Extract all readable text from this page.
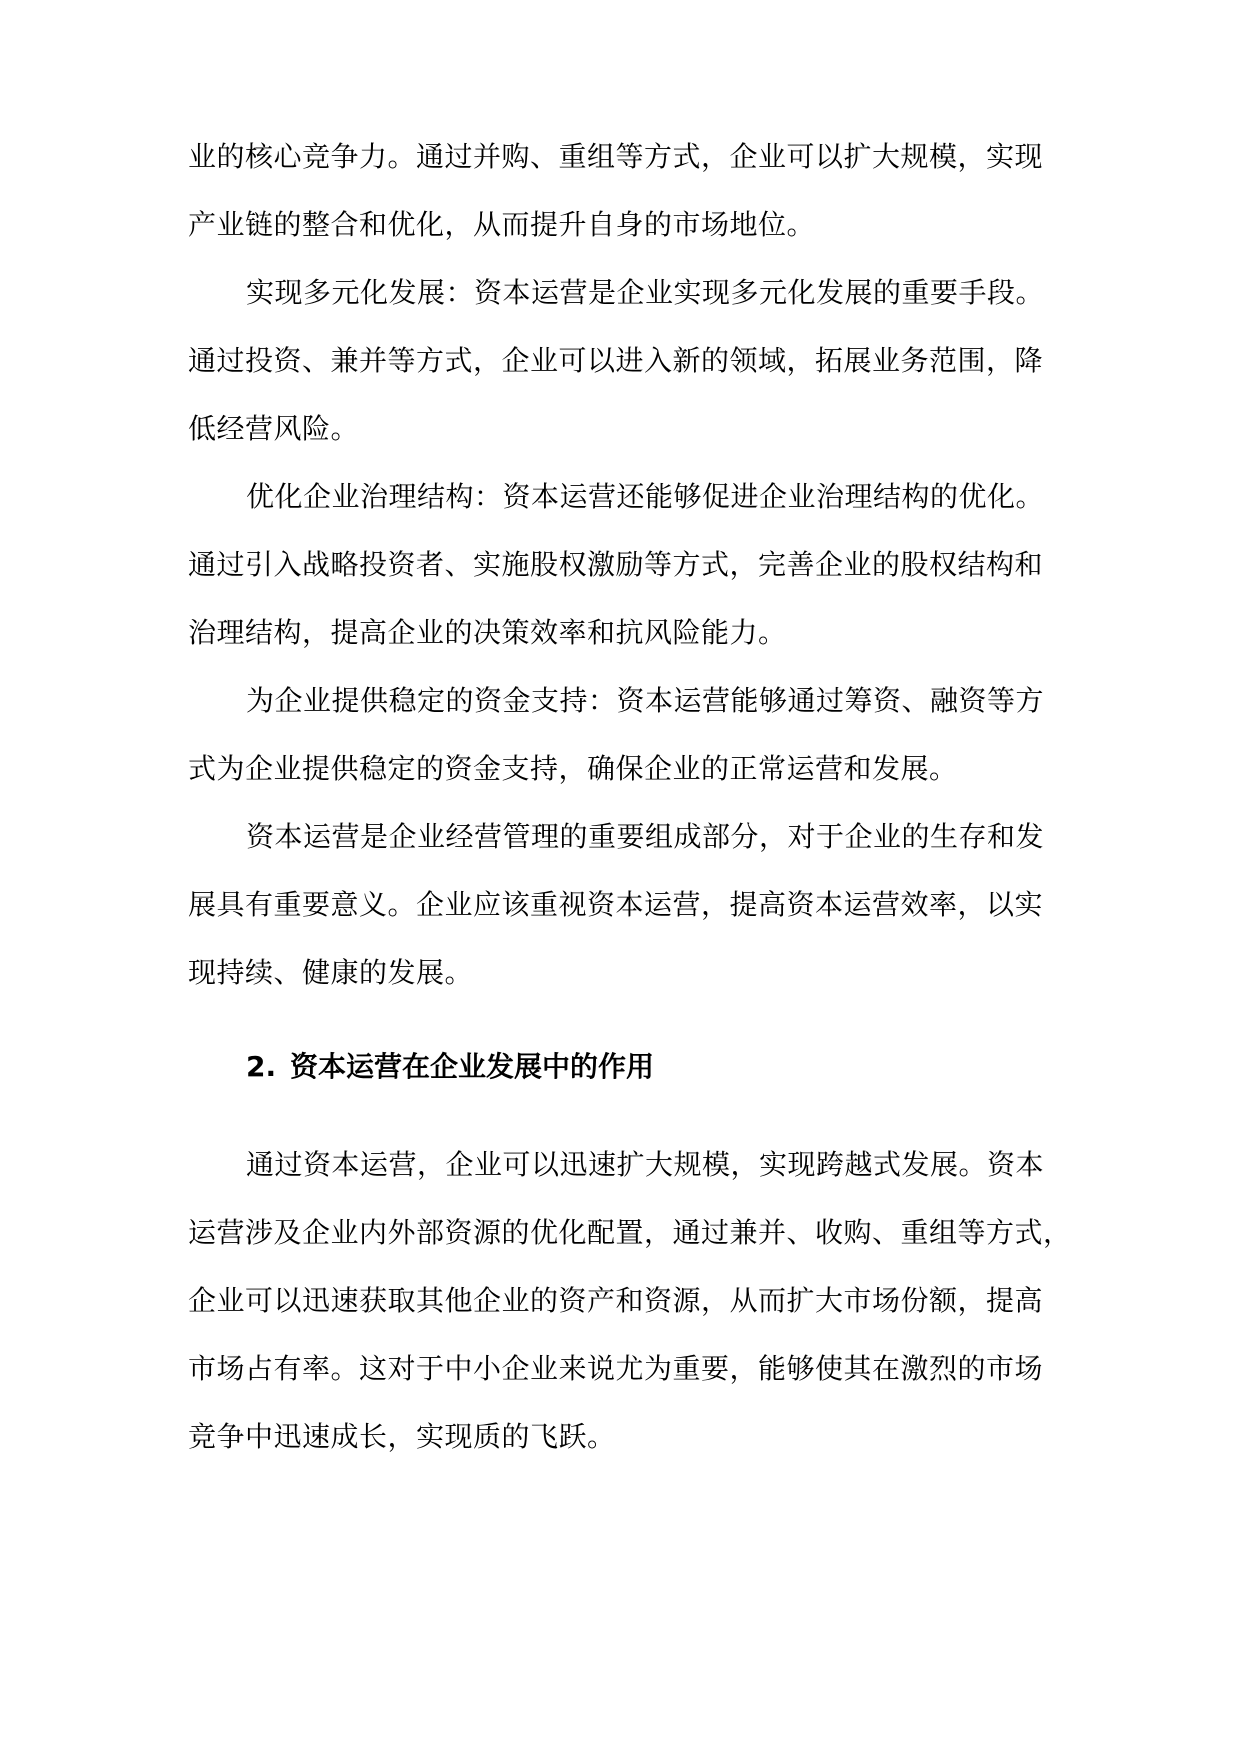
业的核心竞争力。通过并购、重组等方式，企业可以扩大规模，实现
产业链的整合和优化，从而提升自身的市场地位。
实现多元化发展：资本运营是企业实现多元化发展的重要手段。
通过投资、兼并等方式，企业可以进入新的领域，拓展业务范围，降
低经营风险。
优化企业治理结构：资本运营还能够促进企业治理结构的优化。
通过引入战略投资者、实施股权激励等方式，完善企业的股权结构和
治理结构，提高企业的决策效率和抗风险能力。
为企业提供稳定的资金支持：资本运营能够通过筹资、融资等方
式为企业提供稳定的资金支持，确保企业的正常运营和发展。
资本运营是企业经营管理的重要组成部分，对于企业的生存和发
展具有重要意义。企业应该重视资本运营，提高资本运营效率，以实
现持续、健康的发展。
2. 资本运营在企业发展中的作用
通过资本运营，企业可以迅速扩大规模，实现跨越式发展。资本
运营涉及企业内外部资源的优化配置，通过兼并、收购、重组等方式，
企业可以迅速获取其他企业的资产和资源，从而扩大市场份额，提高
市场占有率。这对于中小企业来说尤为重要，能够使其在激烈的市场
竞争中迅速成长，实现质的飞跃。
